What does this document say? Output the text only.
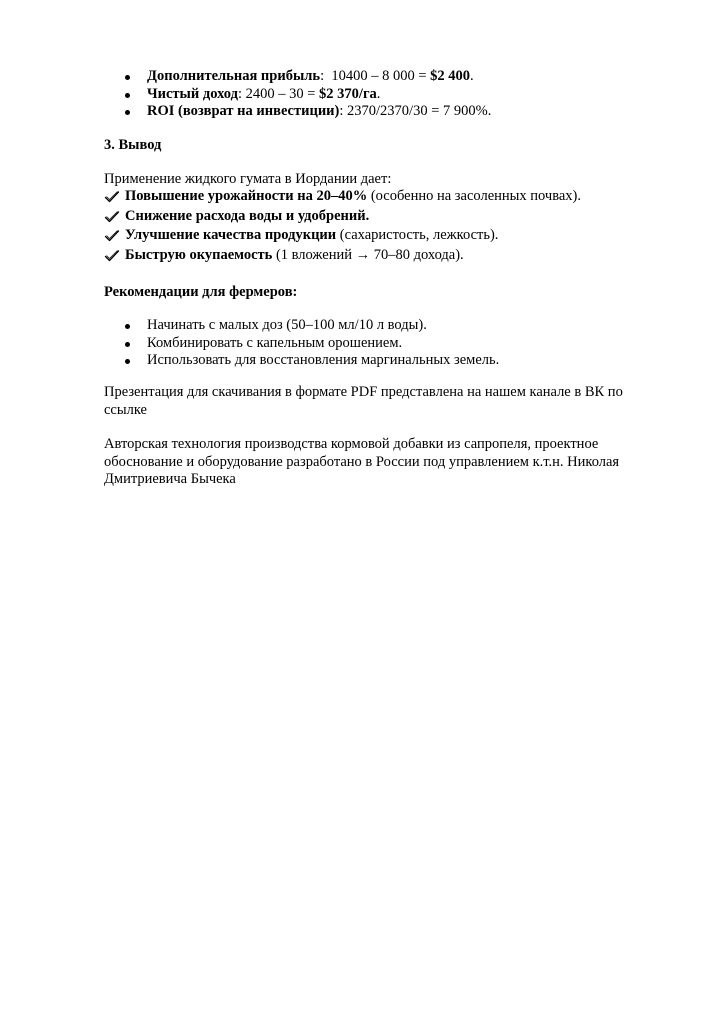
Дополнительная прибыль:  10400 – 8 000 = $2 400.
Чистый доход: 2400 – 30 = $2 370/га.
ROI (возврат на инвестиции): 2370/2370/30 = 7 900%.
3. Вывод
Применение жидкого гумата в Иордании дает:
Повышение урожайности на 20–40% (особенно на засоленных почвах).
Снижение расхода воды и удобрений.
Улучшение качества продукции (сахаристость, лежкость).
Быструю окупаемость (1 вложений → 70–80 дохода).
Рекомендации для фермеров:
Начинать с малых доз (50–100 мл/10 л воды).
Комбинировать с капельным орошением.
Использовать для восстановления маргинальных земель.
Презентация для скачивания в формате PDF представлена на нашем канале в ВК по
ссылке
Авторская технология производства кормовой добавки из сапропеля, проектное
обоснование и оборудование разработано в России под управлением к.т.н. Николая
Дмитриевича Бычека
